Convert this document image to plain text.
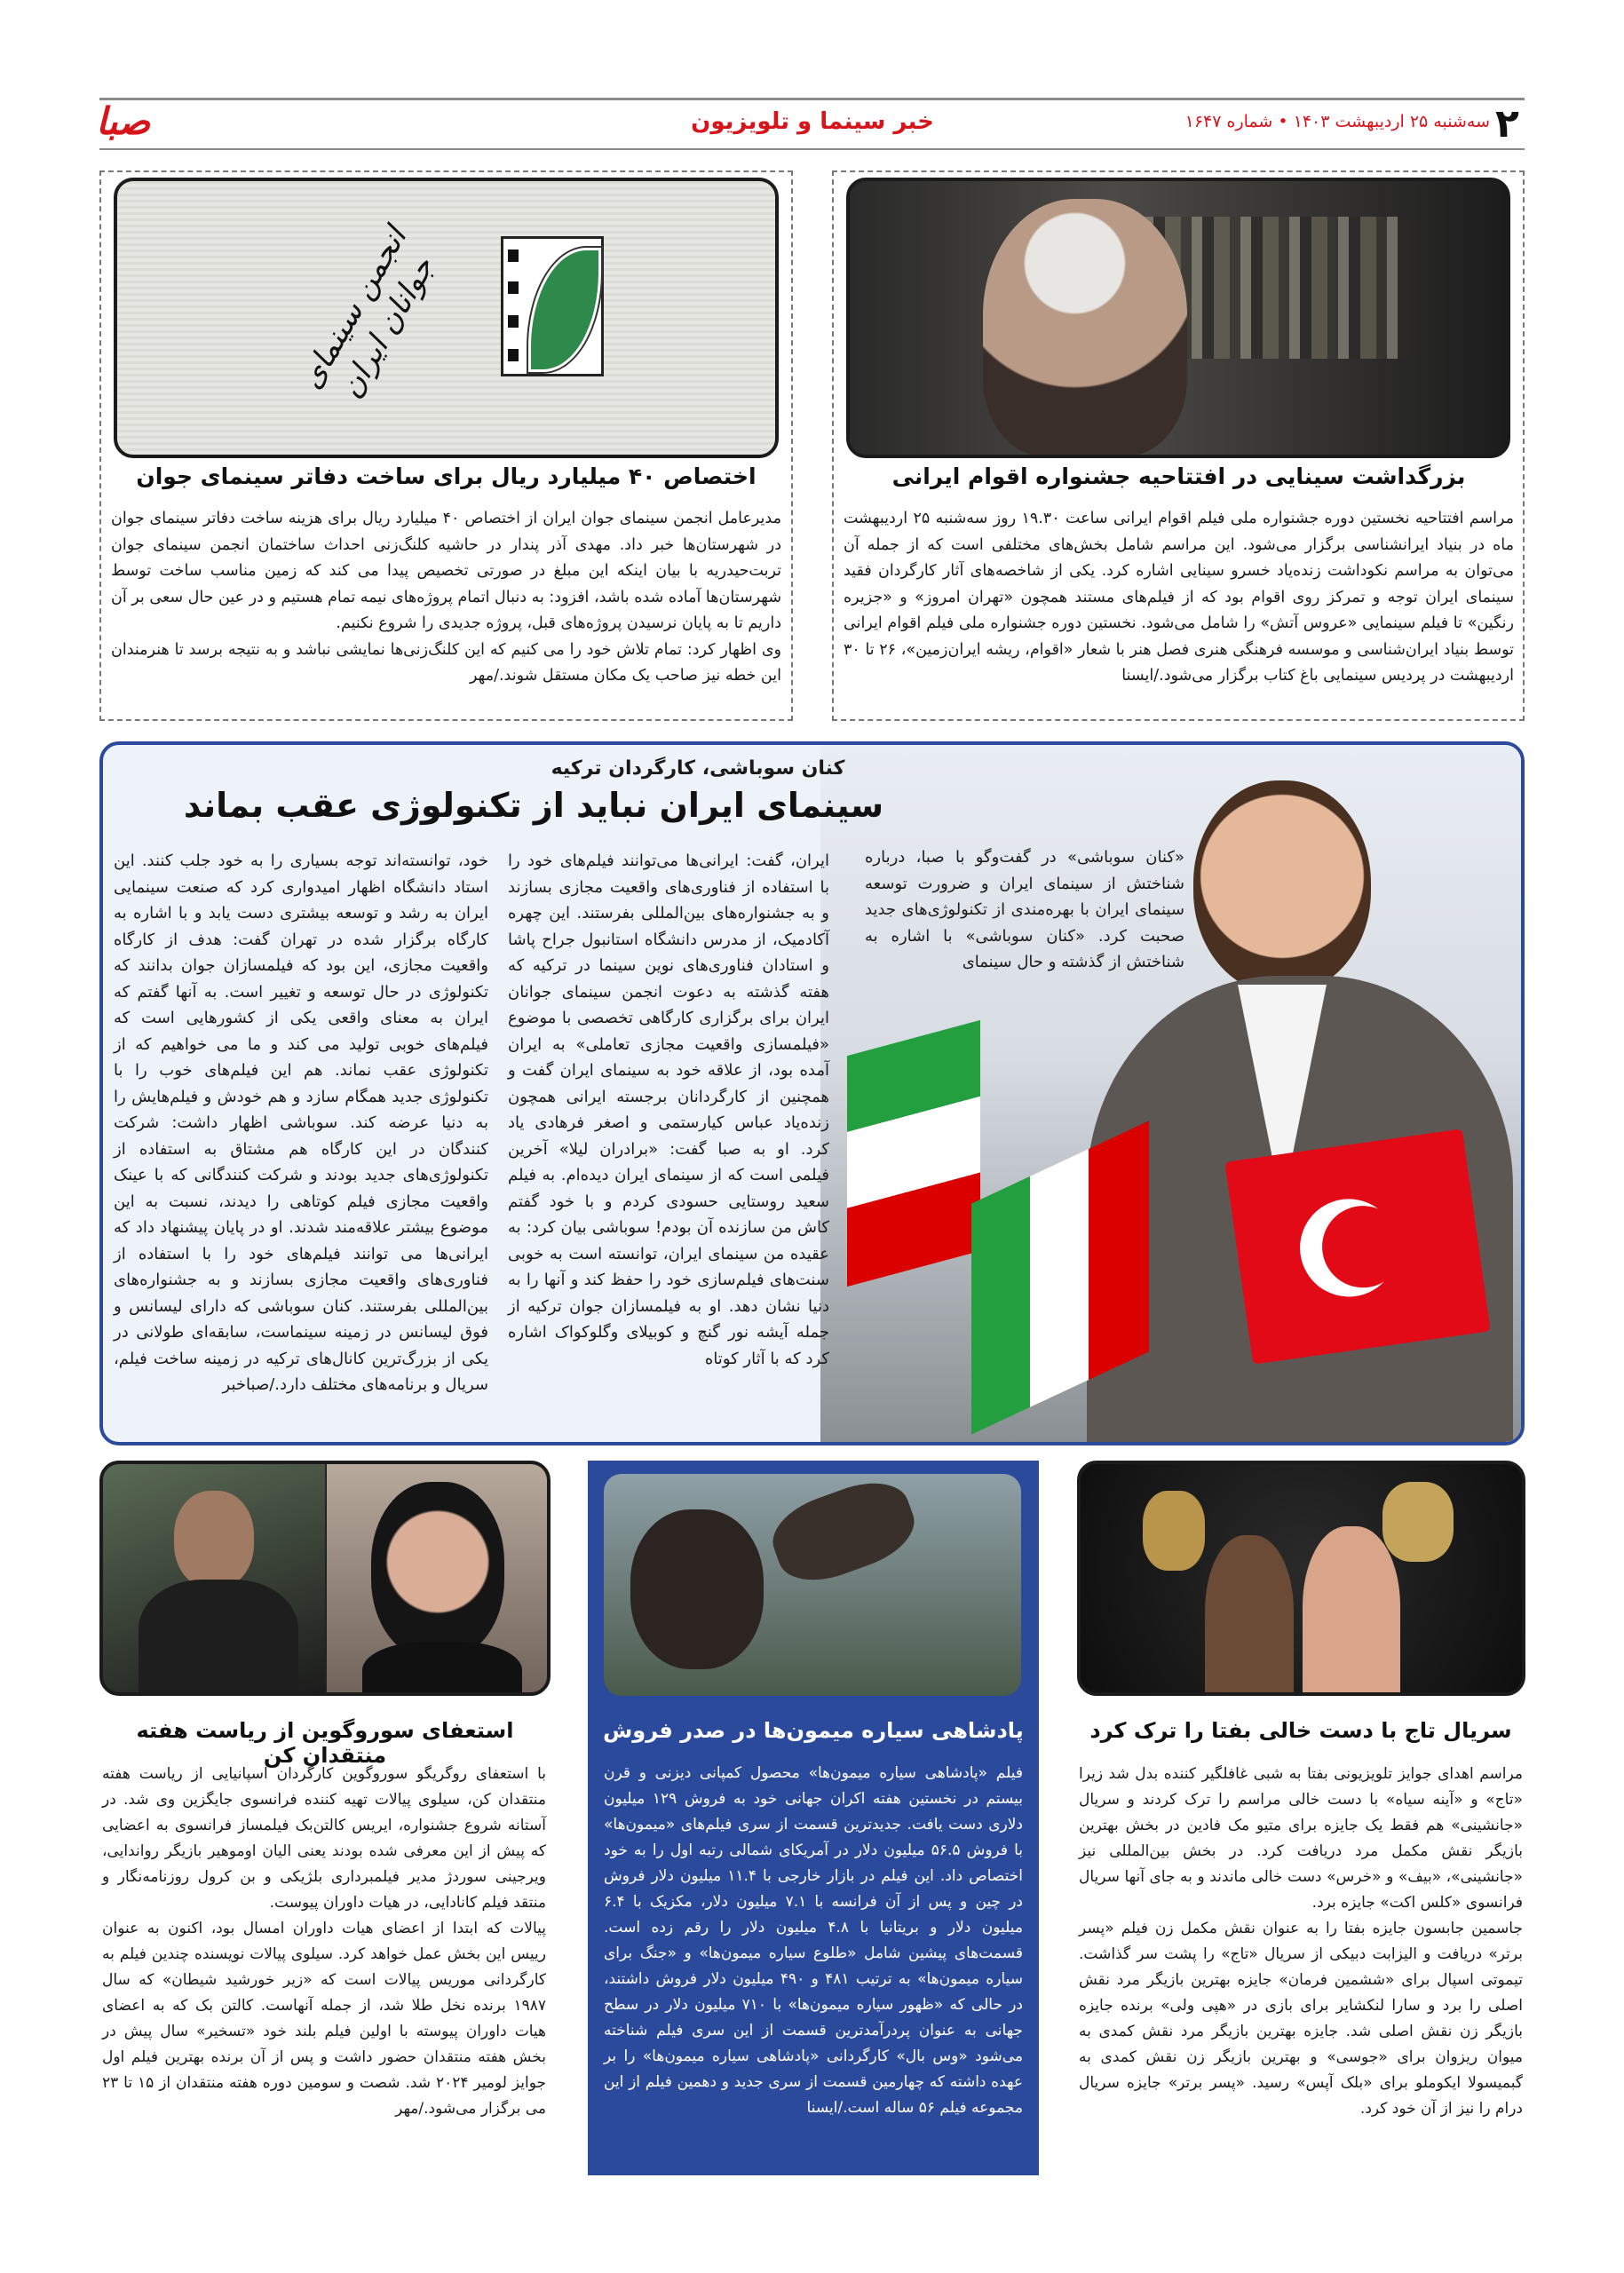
۲
سه‌شنبه ۲۵ اردیبهشت ۱۴۰۳ • شماره ۱۶۴۷
خبر سینما و تلویزیون
صبا
بزرگداشت سینایی در افتتاحیه جشنواره اقوام ایرانی
مراسم افتتاحیه نخستین دوره جشنواره ملی فیلم اقوام ایرانی ساعت ۱۹.۳۰ روز سه‌شنبه ۲۵ اردیبهشت ماه در بنیاد ایرانشناسی برگزار می‌شود. این مراسم شامل بخش‌های مختلفی است که از جمله آن می‌توان به مراسم نکوداشت زنده‌یاد خسرو سینایی اشاره کرد. یکی از شاخصه‌های آثار کارگردان فقید سینمای ایران توجه و تمرکز روی اقوام بود که از فیلم‌های مستند همچون «تهران امروز» و «جزیره رنگین» تا فیلم سینمایی «عروس آتش» را شامل می‌شود. نخستین دوره جشنواره ملی فیلم اقوام ایرانی توسط بنیاد ایران‌شناسی و موسسه فرهنگی هنری فصل هنر با شعار «اقوام، ریشه ایران‌زمین»، ۲۶ تا ۳۰ اردیبهشت در پردیس سینمایی باغ کتاب برگزار می‌شود./ایسنا
انجمن سینمای جوانان ایران
اختصاص ۴۰ میلیارد ریال برای ساخت دفاتر سینمای جوان

مدیرعامل انجمن سینمای جوان ایران از اختصاص ۴۰ میلیارد ریال برای هزینه ساخت دفاتر سینمای جوان در شهرستان‌ها خبر داد. مهدی آذر پندار در حاشیه کلنگ‌زنی احداث ساختمان انجمن سینمای جوان تربت‌حیدریه با بیان اینکه این مبلغ در صورتی تخصیص پیدا می کند که زمین مناسب ساخت توسط شهرستان‌ها آماده شده باشد، افزود: به دنبال اتمام پروژه‌های نیمه تمام هستیم و در عین حال سعی بر آن داریم تا به پایان نرسیدن پروژه‌های قبل، پروژه جدیدی را شروع نکنیم.

وی اظهار کرد: تمام تلاش خود را می کنیم که این کلنگ‌زنی‌ها نمایشی نباشد و به نتیجه برسد تا هنرمندان این خطه نیز صاحب یک مکان مستقل شوند./مهر

کنان سوباشی، کارگردان ترکیه
سینمای ایران نباید از تکنولوژی عقب بماند
«کنان سوباشی» در گفت‌وگو با صبا، درباره شناختش از سینمای ایران و ضرورت توسعه سینمای ایران با بهره‌مندی از تکنولوژی‌های جدید صحبت کرد. «کنان سوباشی» با اشاره به شناختش از گذشته و حال سینمای
ایران، گفت: ایرانی‌ها می‌توانند فیلم‌های خود را با استفاده از فناوری‌های واقعیت مجازی بسازند و به جشنواره‌های بین‌المللی بفرستند. این چهره آکادمیک، از مدرس دانشگاه استانبول جراح پاشا و استادان فناوری‌های نوین سینما در ترکیه که هفته گذشته به دعوت انجمن سینمای جوانان ایران برای برگزاری کارگاهی تخصصی با موضوع «فیلمسازی واقعیت مجازی تعاملی» به ایران آمده بود، از علاقه خود به سینمای ایران گفت و همچنین از کارگردانان برجسته ایرانی همچون زنده‌یاد عباس کیارستمی و اصغر فرهادی یاد کرد. او به صبا گفت: «برادران لیلا» آخرین فیلمی است که از سینمای ایران دیده‌ام. به فیلم سعید روستایی حسودی کردم و با خود گفتم کاش من سازنده آن بودم! سوباشی بیان کرد: به عقیده من سینمای ایران، توانسته است به خوبی سنت‌های فیلم‌سازی خود را حفظ کند و آنها را به دنیا نشان دهد. او به فیلمسازان جوان ترکیه از جمله آیشه نور گنچ و کوبیلای وگلوکواک اشاره کرد که با آثار کوتاه
خود، توانسته‌اند توجه بسیاری را به خود جلب کنند. این استاد دانشگاه اظهار امیدواری کرد که صنعت سینمایی ایران به رشد و توسعه بیشتری دست یابد و با اشاره به کارگاه برگزار شده در تهران گفت: هدف از کارگاه واقعیت مجازی، این بود که فیلمسازان جوان بدانند که تکنولوژی در حال توسعه و تغییر است. به آنها گفتم که ایران به معنای واقعی یکی از کشورهایی است که فیلم‌های خوبی تولید می کند و ما می خواهیم که از تکنولوژی عقب نماند. هم این فیلم‌های خوب را با تکنولوژی جدید همگام سازد و هم خودش و فیلم‌هایش را به دنیا عرضه کند. سوباشی اظهار داشت: شرکت کنندگان در این کارگاه هم مشتاق به استفاده از تکنولوژی‌های جدید بودند و شرکت کنندگانی که با عینک واقعیت مجازی فیلم کوتاهی را دیدند، نسبت به این موضوع بیشتر علاقه‌مند شدند. او در پایان پیشنهاد داد که ایرانی‌ها می توانند فیلم‌های خود را با استفاده از فناوری‌های واقعیت مجازی بسازند و به جشنواره‌های بین‌المللی بفرستند. کنان سوباشی که دارای لیسانس و فوق لیسانس در زمینه سینماست، سابقه‌ای طولانی در یکی از بزرگ‌ترین کانال‌های ترکیه در زمینه ساخت فیلم، سریال و برنامه‌های مختلف دارد./صباخبر
سریال تاج با دست خالی بفتا را ترک کرد

مراسم اهدای جوایز تلویزیونی بفتا به شبی غافلگیر کننده بدل شد زیرا «تاج» و «آینه سیاه» با دست خالی مراسم را ترک کردند و سریال «جانشینی» هم فقط یک جایزه برای متیو مک فادین در بخش بهترین بازیگر نقش مکمل مرد دریافت کرد. در بخش بین‌المللی نیز «جانشینی»، «بیف» و «خرس» دست خالی ماندند و به جای آنها سریال فرانسوی «کلس اکت» جایزه برد.

جاسمین جابسون جایزه بفتا را به عنوان نقش مکمل زن فیلم «پسر برتر» دریافت و الیزابت دبیکی از سریال «تاج» را پشت سر گذاشت. تیموتی اسپال برای «ششمین فرمان» جایزه بهترین بازیگر مرد نقش اصلی را برد و سارا لنکشایر برای بازی در «هپی ولی» برنده جایزه بازیگر زن نقش اصلی شد. جایزه بهترین بازیگر مرد نقش کمدی به میوان ریزوان برای «جوسی» و بهترین بازیگر زن نقش کمدی به گبمیسولا ایکوملو برای «بلک آپس» رسید. «پسر برتر» جایزه سریال درام را نیز از آن خود کرد.

پادشاهی سیاره میمون‌ها در صدر فروش
فیلم «پادشاهی سیاره میمون‌ها» محصول کمپانی دیزنی و قرن بیستم در نخستین هفته اکران جهانی خود به فروش ۱۲۹ میلیون دلاری دست یافت. جدیدترین قسمت از سری فیلم‌های «میمون‌ها» با فروش ۵۶.۵ میلیون دلار در آمریکای شمالی رتبه اول را به خود اختصاص داد. این فیلم در بازار خارجی با ۱۱.۴ میلیون دلار فروش در چین و پس از آن فرانسه با ۷.۱ میلیون دلار، مکزیک با ۶.۴ میلیون دلار و بریتانیا با ۴.۸ میلیون دلار را رقم زده است. قسمت‌های پیشین شامل «طلوع سیاره میمون‌ها» و «جنگ برای سیاره میمون‌ها» به ترتیب ۴۸۱ و ۴۹۰ میلیون دلار فروش داشتند، در حالی که «ظهور سیاره میمون‌ها» با ۷۱۰ میلیون دلار در سطح جهانی به عنوان پردرآمدترین قسمت از این سری فیلم شناخته می‌شود «وس بال» کارگردانی «پادشاهی سیاره میمون‌ها» را بر عهده داشته که چهارمین قسمت از سری جدید و دهمین فیلم از این مجموعه فیلم ۵۶ ساله است./ایسنا
استعفای سوروگوین از ریاست هفته منتقدان کن

با استعفای روگریگو سوروگوین کارگردان اسپانیایی از ریاست هفته منتقدان کن، سیلوی پیالات تهیه کننده فرانسوی جایگزین وی شد. در آستانه شروع جشنواره، ایریس کالتن‌بک فیلمساز فرانسوی به اعضایی که پیش از این معرفی شده بودند یعنی الیان اوموهیر بازیگر رواندایی، ویرجینی سوردژ مدیر فیلمبرداری بلژیکی و بن کرول روزنامه‌نگار و منتقد فیلم کانادایی، در هیات داوران پیوست.

پیالات که ابتدا از اعضای هیات داوران امسال بود، اکنون به عنوان رییس این بخش عمل خواهد کرد. سیلوی پیالات نویسنده چندین فیلم به کارگردانی موریس پیالات است که «زیر خورشید شیطان» که سال ۱۹۸۷ برنده نخل طلا شد، از جمله آنهاست. کالتن بک که به اعضای هیات داوران پیوسته با اولین فیلم بلند خود «تسخیر» سال پیش در بخش هفته منتقدان حضور داشت و پس از آن برنده بهترین فیلم اول جوایز لومیر ۲۰۲۴ شد. شصت و سومین دوره هفته منتقدان از ۱۵ تا ۲۳ می برگزار می‌شود./مهر
